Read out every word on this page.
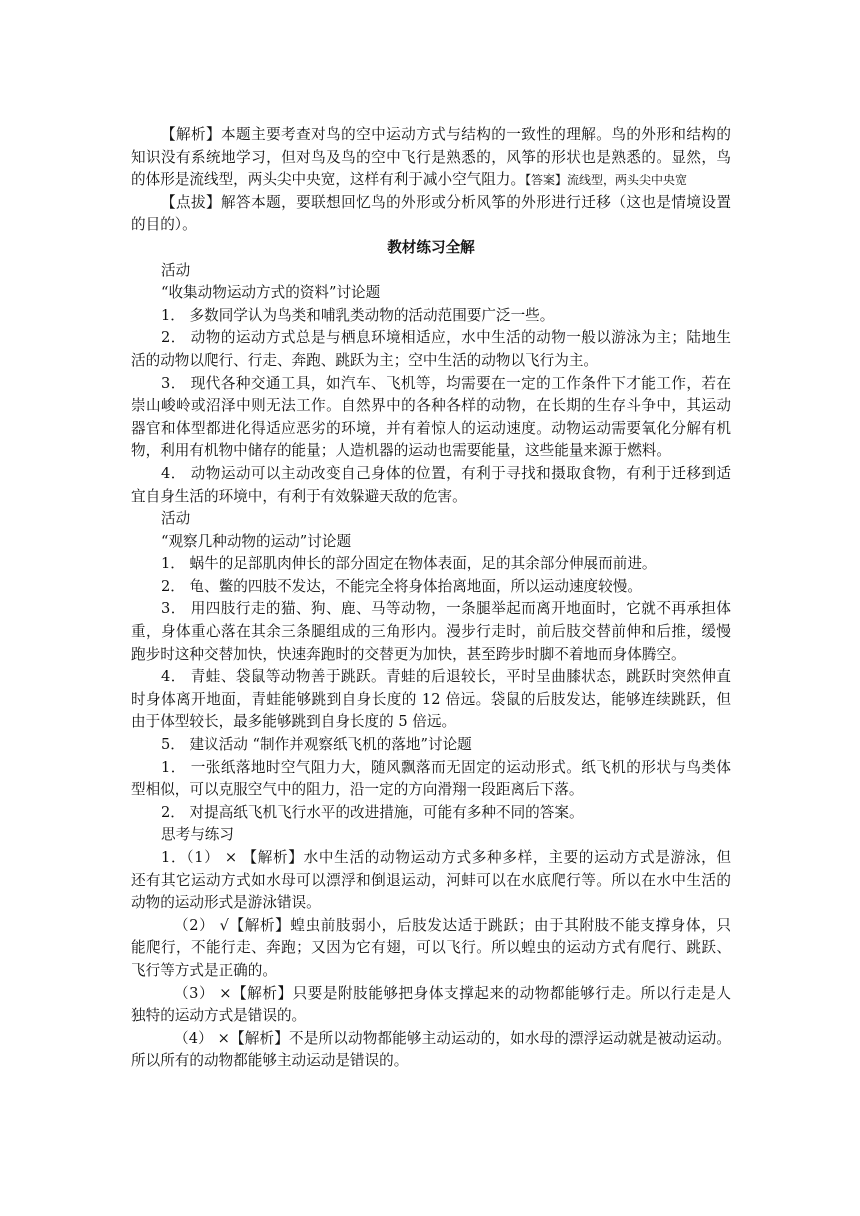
【解析】本题主要考查对鸟的空中运动方式与结构的一致性的理解。鸟的外形和结构的
知识没有系统地学习，但对鸟及鸟的空中飞行是熟悉的，风筝的形状也是熟悉的。显然，鸟
的体形是流线型，两头尖中央宽，这样有利于减小空气阻力。【答案】流线型，两头尖中央宽
【点拔】解答本题，要联想回忆鸟的外形或分析风筝的外形进行迁移（这也是情境设置
的目的）。
教材练习全解
活动
“收集动物运动方式的资料”讨论题
1． 多数同学认为鸟类和哺乳类动物的活动范围要广泛一些。
2． 动物的运动方式总是与栖息环境相适应，水中生活的动物一般以游泳为主；陆地生
活的动物以爬行、行走、奔跑、跳跃为主；空中生活的动物以飞行为主。
3． 现代各种交通工具，如汽车、飞机等，均需要在一定的工作条件下才能工作，若在
崇山峻岭或沼泽中则无法工作。自然界中的各种各样的动物，在长期的生存斗争中，其运动
器官和体型都进化得适应恶劣的环境，并有着惊人的运动速度。动物运动需要氧化分解有机
物，利用有机物中储存的能量；人造机器的运动也需要能量，这些能量来源于燃料。
4． 动物运动可以主动改变自己身体的位置，有利于寻找和摄取食物，有利于迁移到适
宜自身生活的环境中，有利于有效躲避天敌的危害。
活动
“观察几种动物的运动”讨论题
1． 蜗牛的足部肌肉伸长的部分固定在物体表面，足的其余部分伸展而前进。
2． 龟、鳖的四肢不发达，不能完全将身体抬离地面，所以运动速度较慢。
3． 用四肢行走的猫、狗、鹿、马等动物，一条腿举起而离开地面时，它就不再承担体
重，身体重心落在其余三条腿组成的三角形内。漫步行走时，前后肢交替前伸和后推，缓慢
跑步时这种交替加快，快速奔跑时的交替更为加快，甚至跨步时脚不着地而身体腾空。
4． 青蛙、袋鼠等动物善于跳跃。青蛙的后退较长，平时呈曲膝状态，跳跃时突然伸直
时身体离开地面，青蛙能够跳到自身长度的 12 倍远。袋鼠的后肢发达，能够连续跳跃，但
由于体型较长，最多能够跳到自身长度的 5 倍远。
5． 建议活动 “制作并观察纸飞机的落地”讨论题
1． 一张纸落地时空气阻力大，随风飘落而无固定的运动形式。纸飞机的形状与鸟类体
型相似，可以克服空气中的阻力，沿一定的方向滑翔一段距离后下落。
2． 对提高纸飞机飞行水平的改进措施，可能有多种不同的答案。
思考与练习
1．（1） × 【解析】水中生活的动物运动方式多种多样，主要的运动方式是游泳，但
还有其它运动方式如水母可以漂浮和倒退运动，河蚌可以在水底爬行等。所以在水中生活的
动物的运动形式是游泳错误。
（2） √【解析】蝗虫前肢弱小，后肢发达适于跳跃；由于其附肢不能支撑身体，只
能爬行，不能行走、奔跑；又因为它有翅，可以飞行。所以蝗虫的运动方式有爬行、跳跃、
飞行等方式是正确的。
（3） ×【解析】只要是附肢能够把身体支撑起来的动物都能够行走。所以行走是人
独特的运动方式是错误的。
（4） ×【解析】不是所以动物都能够主动运动的，如水母的漂浮运动就是被动运动。
所以所有的动物都能够主动运动是错误的。
